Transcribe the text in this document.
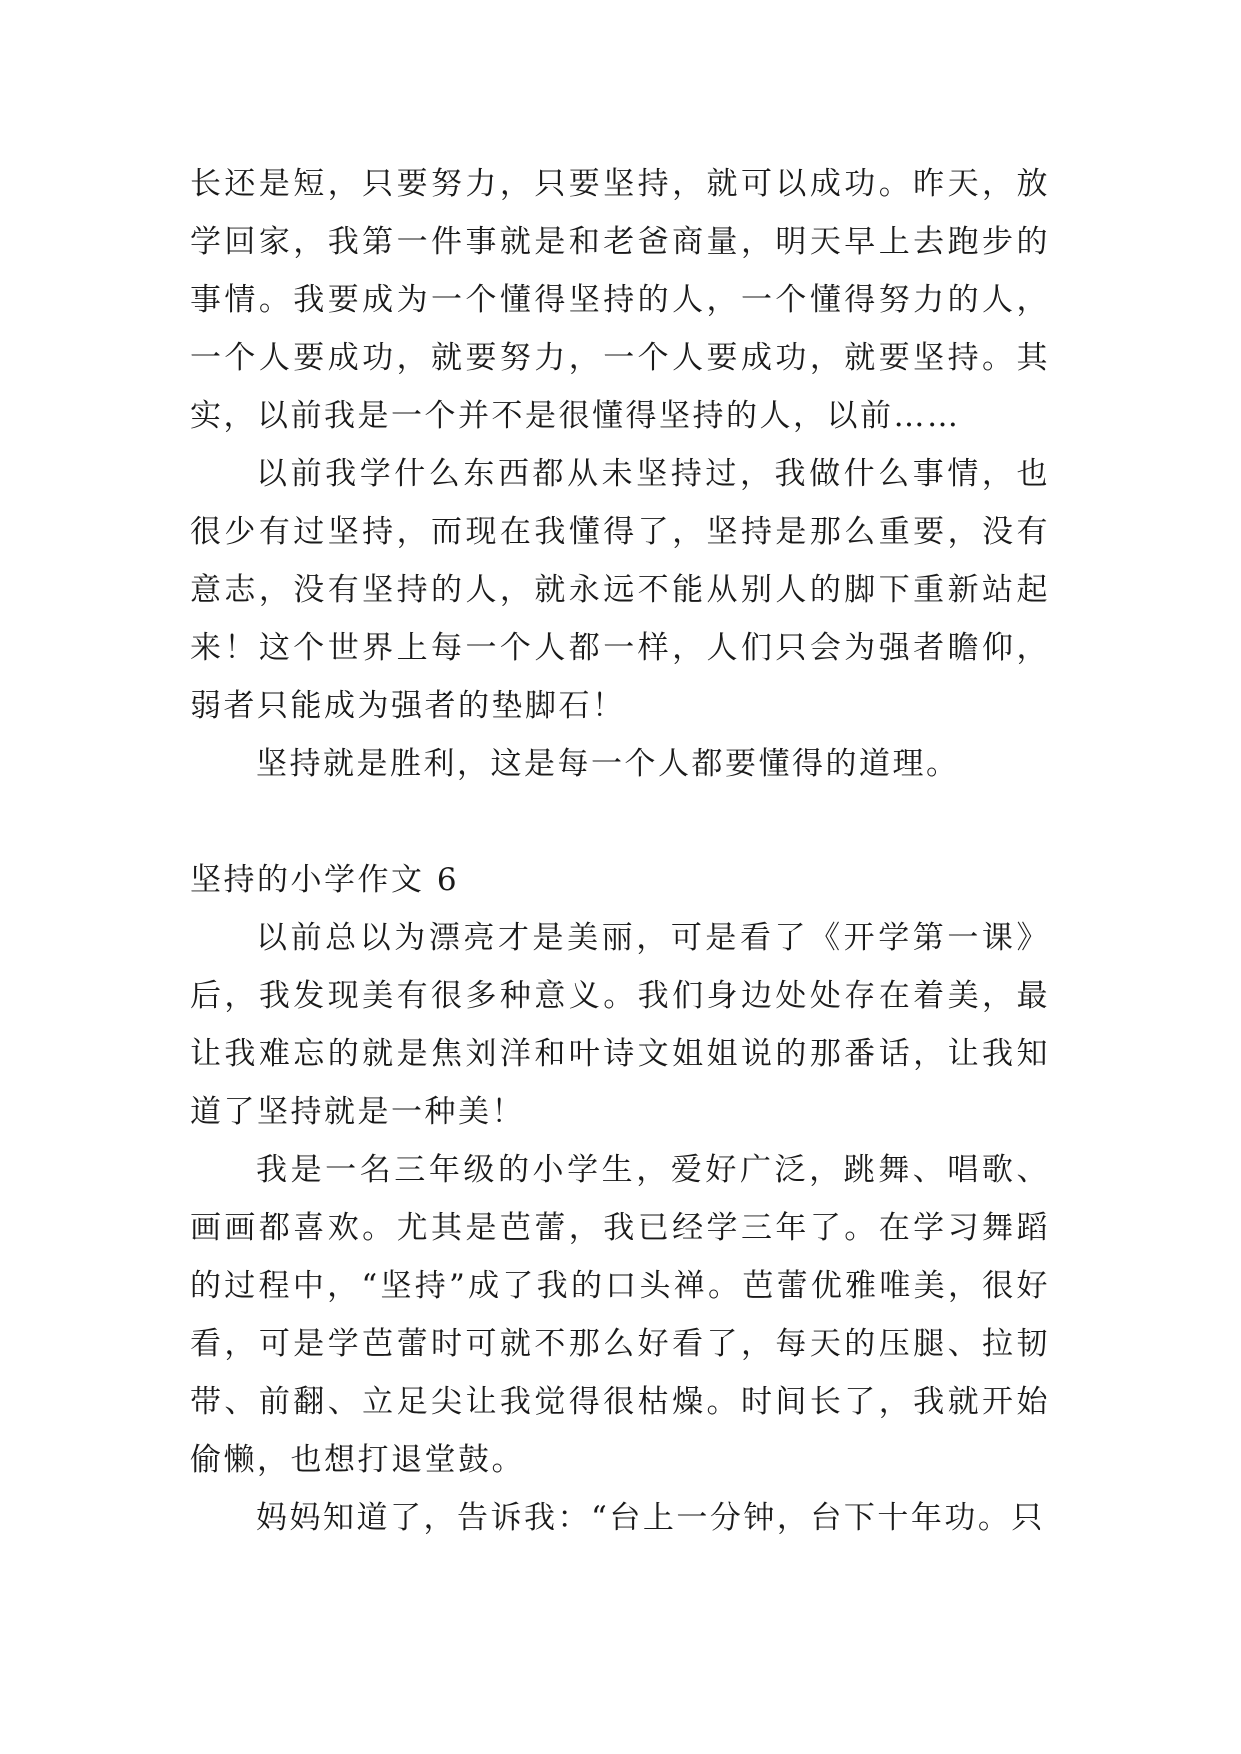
长还是短，只要努力，只要坚持，就可以成功。昨天，放学回家，我第一件事就是和老爸商量，明天早上去跑步的事情。我要成为一个懂得坚持的人，一个懂得努力的人，一个人要成功，就要努力，一个人要成功，就要坚持。其实，以前我是一个并不是很懂得坚持的人，以前……

以前我学什么东西都从未坚持过，我做什么事情，也很少有过坚持，而现在我懂得了，坚持是那么重要，没有意志，没有坚持的人，就永远不能从别人的脚下重新站起来！这个世界上每一个人都一样，人们只会为强者瞻仰，弱者只能成为强者的垫脚石！

坚持就是胜利，这是每一个人都要懂得的道理。

坚持的小学作文 6

以前总以为漂亮才是美丽，可是看了《开学第一课》后，我发现美有很多种意义。我们身边处处存在着美，最让我难忘的就是焦刘洋和叶诗文姐姐说的那番话，让我知道了坚持就是一种美！

我是一名三年级的小学生，爱好广泛，跳舞、唱歌、画画都喜欢。尤其是芭蕾，我已经学三年了。在学习舞蹈的过程中，“坚持”成了我的口头禅。芭蕾优雅唯美，很好看，可是学芭蕾时可就不那么好看了，每天的压腿、拉韧带、前翻、立足尖让我觉得很枯燥。时间长了，我就开始偷懒，也想打退堂鼓。

妈妈知道了，告诉我：“台上一分钟，台下十年功。只
